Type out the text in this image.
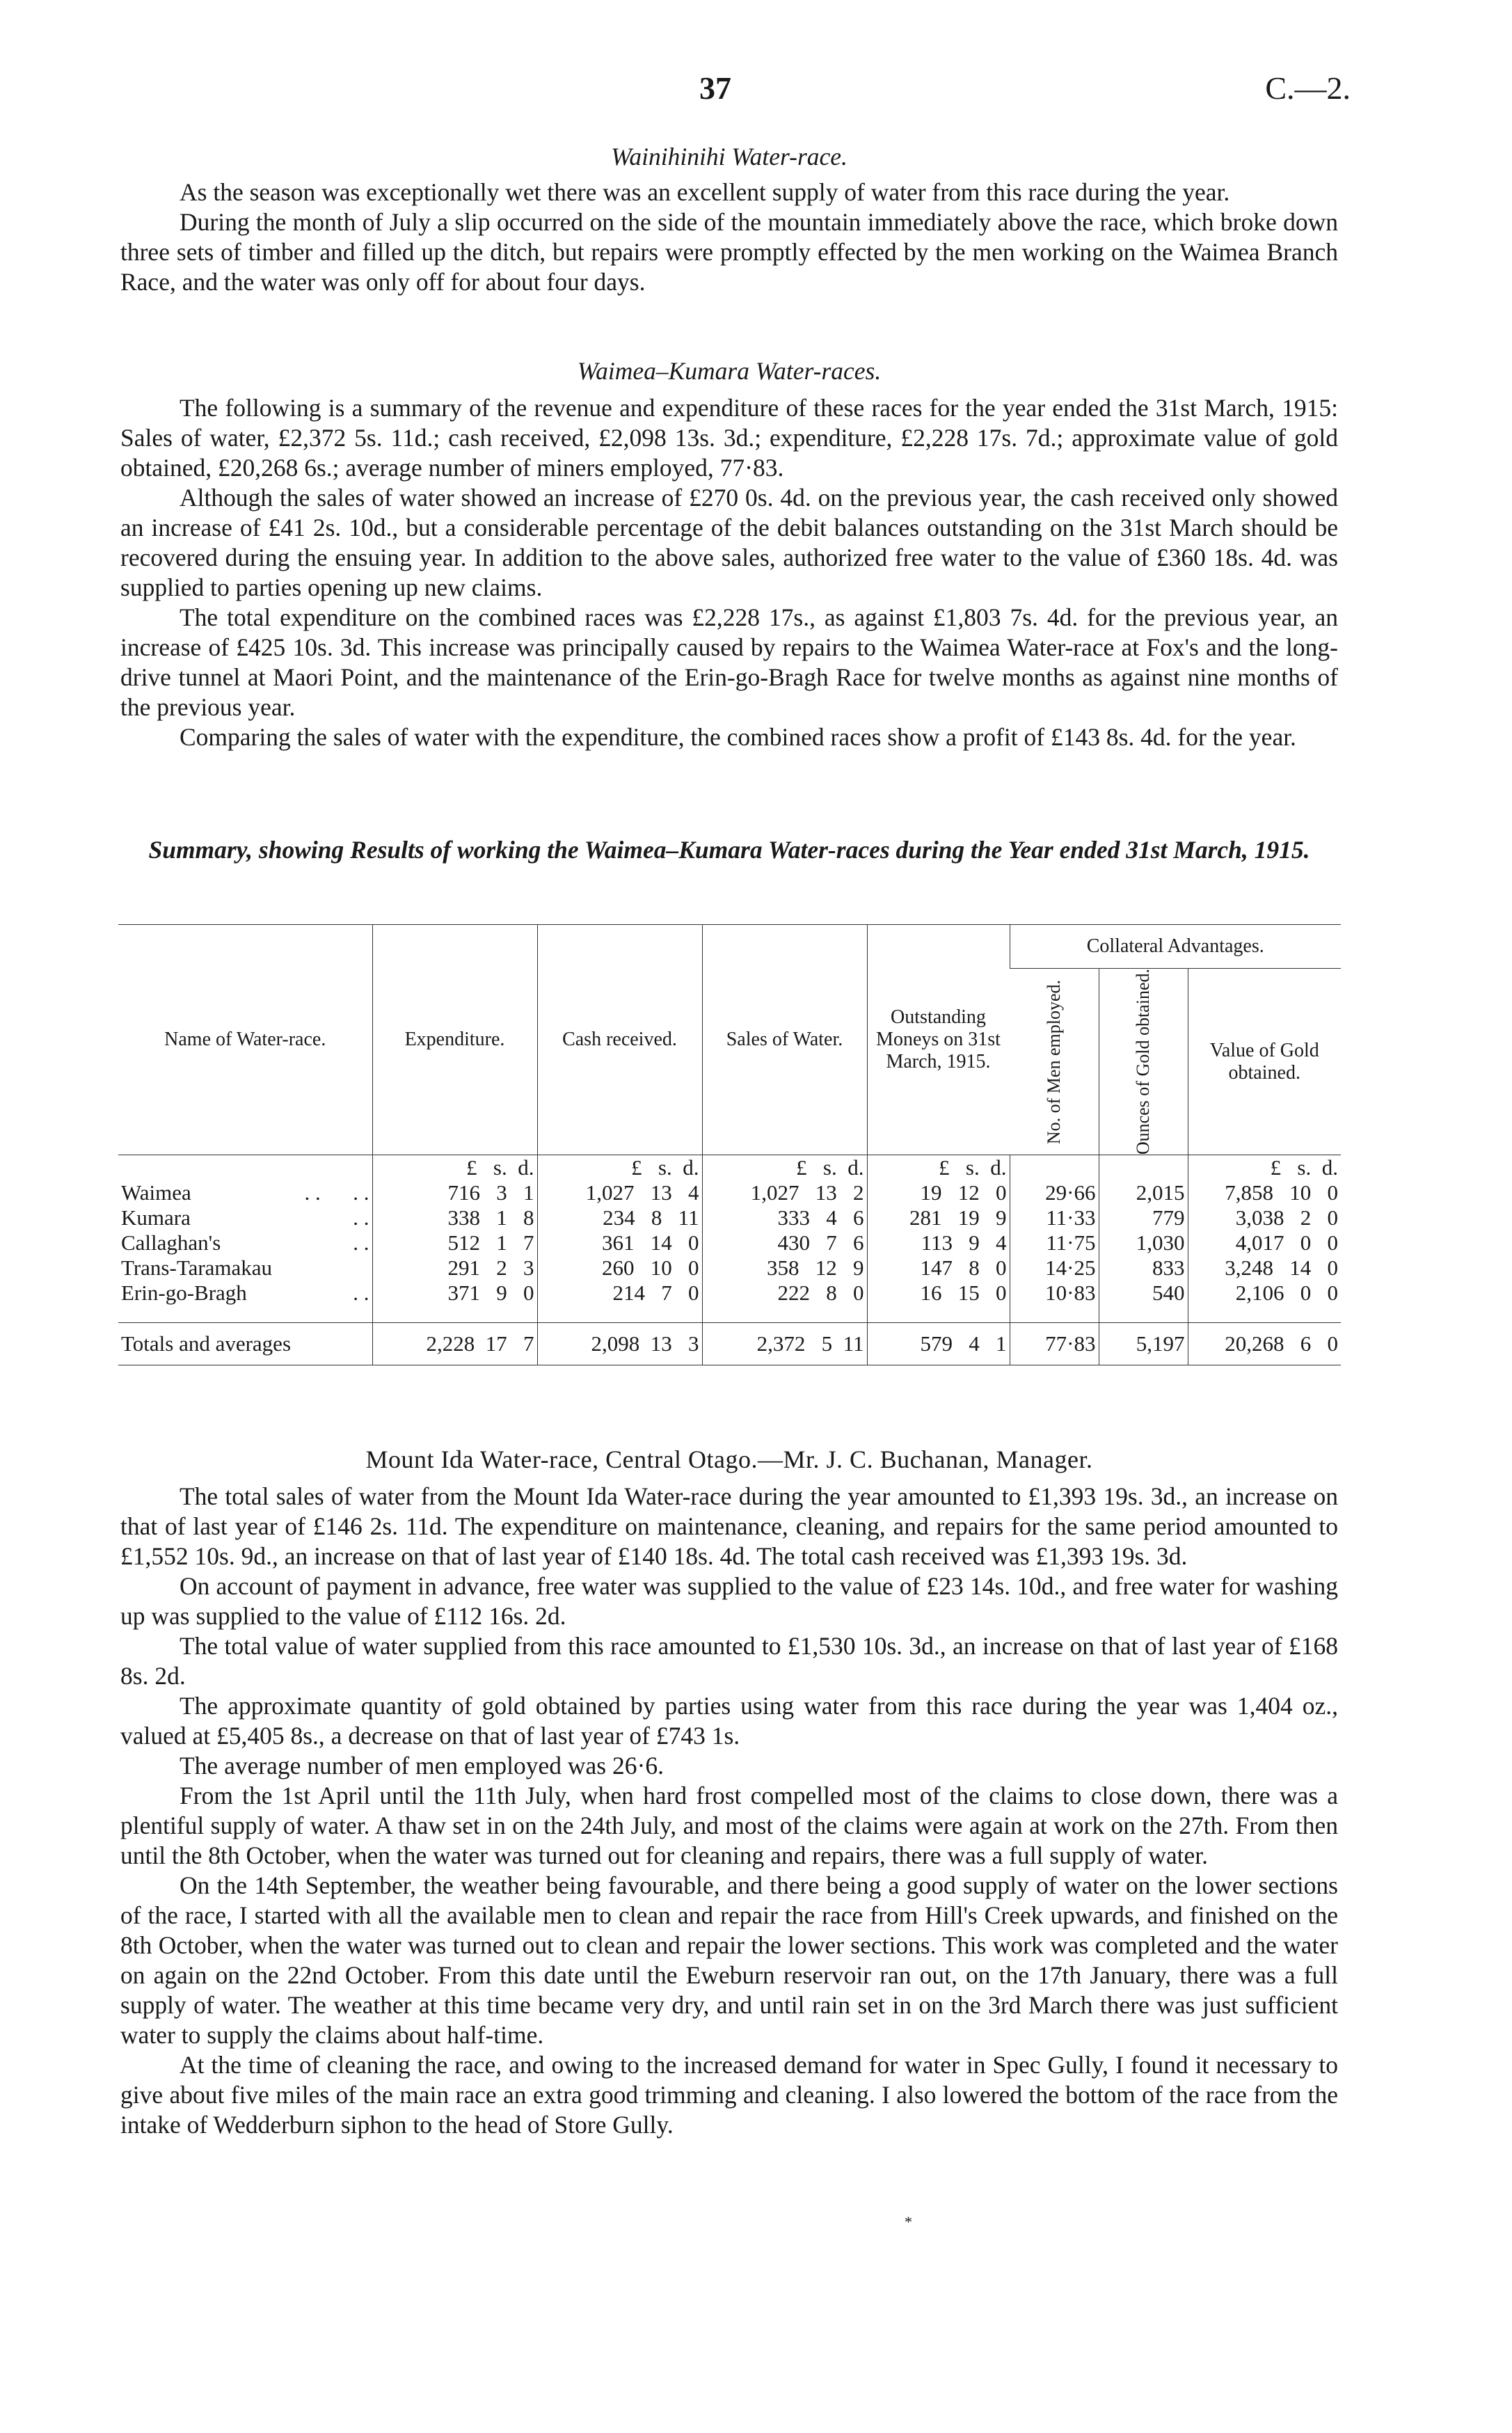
37	C.—2.

Wainihinihi Water-race.

As the season was exceptionally wet there was an excellent supply of water from this race during the year.

During the month of July a slip occurred on the side of the mountain immediately above the race, which broke down three sets of timber and filled up the ditch, but repairs were promptly effected by the men working on the Waimea Branch Race, and the water was only off for about four days.

Waimea–Kumara Water-races.

The following is a summary of the revenue and expenditure of these races for the year ended the 31st March, 1915: Sales of water, £2,372 5s. 11d.; cash received, £2,098 13s. 3d.; expenditure, £2,228 17s. 7d.; approximate value of gold obtained, £20,268 6s.; average number of miners employed, 77·83.

Although the sales of water showed an increase of £270 0s. 4d. on the previous year, the cash received only showed an increase of £41 2s. 10d., but a considerable percentage of the debit balances outstanding on the 31st March should be recovered during the ensuing year. In addition to the above sales, authorized free water to the value of £360 18s. 4d. was supplied to parties opening up new claims.

The total expenditure on the combined races was £2,228 17s., as against £1,803 7s. 4d. for the previous year, an increase of £425 10s. 3d. This increase was principally caused by repairs to the Waimea Water-race at Fox's and the long-drive tunnel at Maori Point, and the maintenance of the Erin-go-Bragh Race for twelve months as against nine months of the previous year.

Comparing the sales of water with the expenditure, the combined races show a profit of £143 8s. 4d. for the year.

Summary, showing Results of working the Waimea–Kumara Water-races during the Year ended 31st March, 1915.

Name of Water-race.	Expenditure.	Cash received.	Sales of Water.	Outstanding Moneys on 31st March, 1915.	Collateral Advantages.		

					No. of Men employed.	Ounces of Gold obtained.	Value of Gold obtained.
	£ s. d.	£ s. d.	£ s. d.	£ s. d.			£ s. d.
Waimea . .      . .	716 3 1	1,027 13 4	1,027 13 2	19 12 0	29·66	2,015	7,858 10 0
Kumara . .	338 1 8	234 8 11	333 4 6	281 19 9	11·33	779	3,038 2 0
Callaghan's . .	512 1 7	361 14 0	430 7 6	113 9 4	11·75	1,030	4,017 0 0
Trans-Taramakau	291 2 3	260 10 0	358 12 9	147 8 0	14·25	833	3,248 14 0
Erin-go-Bragh . .	371 9 0	214 7 0	222 8 0	16 15 0	10·83	540	2,106 0 0

Totals and averages	2,228 17 7	2,098 13 3	2,372 5 11	579 4 1	77·83	5,197	20,268 6 0

Mount Ida Water-race, Central Otago.—Mr. J. C. Buchanan, Manager.

The total sales of water from the Mount Ida Water-race during the year amounted to £1,393 19s. 3d., an increase on that of last year of £146 2s. 11d. The expenditure on maintenance, cleaning, and repairs for the same period amounted to £1,552 10s. 9d., an increase on that of last year of £140 18s. 4d. The total cash received was £1,393 19s. 3d.

On account of payment in advance, free water was supplied to the value of £23 14s. 10d., and free water for washing up was supplied to the value of £112 16s. 2d.

The total value of water supplied from this race amounted to £1,530 10s. 3d., an increase on that of last year of £168 8s. 2d.

The approximate quantity of gold obtained by parties using water from this race during the year was 1,404 oz., valued at £5,405 8s., a decrease on that of last year of £743 1s.

The average number of men employed was 26·6.

From the 1st April until the 11th July, when hard frost compelled most of the claims to close down, there was a plentiful supply of water. A thaw set in on the 24th July, and most of the claims were again at work on the 27th. From then until the 8th October, when the water was turned out for cleaning and repairs, there was a full supply of water.

On the 14th September, the weather being favourable, and there being a good supply of water on the lower sections of the race, I started with all the available men to clean and repair the race from Hill's Creek upwards, and finished on the 8th October, when the water was turned out to clean and repair the lower sections. This work was completed and the water on again on the 22nd October. From this date until the Eweburn reservoir ran out, on the 17th January, there was a full supply of water. The weather at this time became very dry, and until rain set in on the 3rd March there was just sufficient water to supply the claims about half-time.

At the time of cleaning the race, and owing to the increased demand for water in Spec Gully, I found it necessary to give about five miles of the main race an extra good trimming and cleaning. I also lowered the bottom of the race from the intake of Wedderburn siphon to the head of Store Gully.

*
